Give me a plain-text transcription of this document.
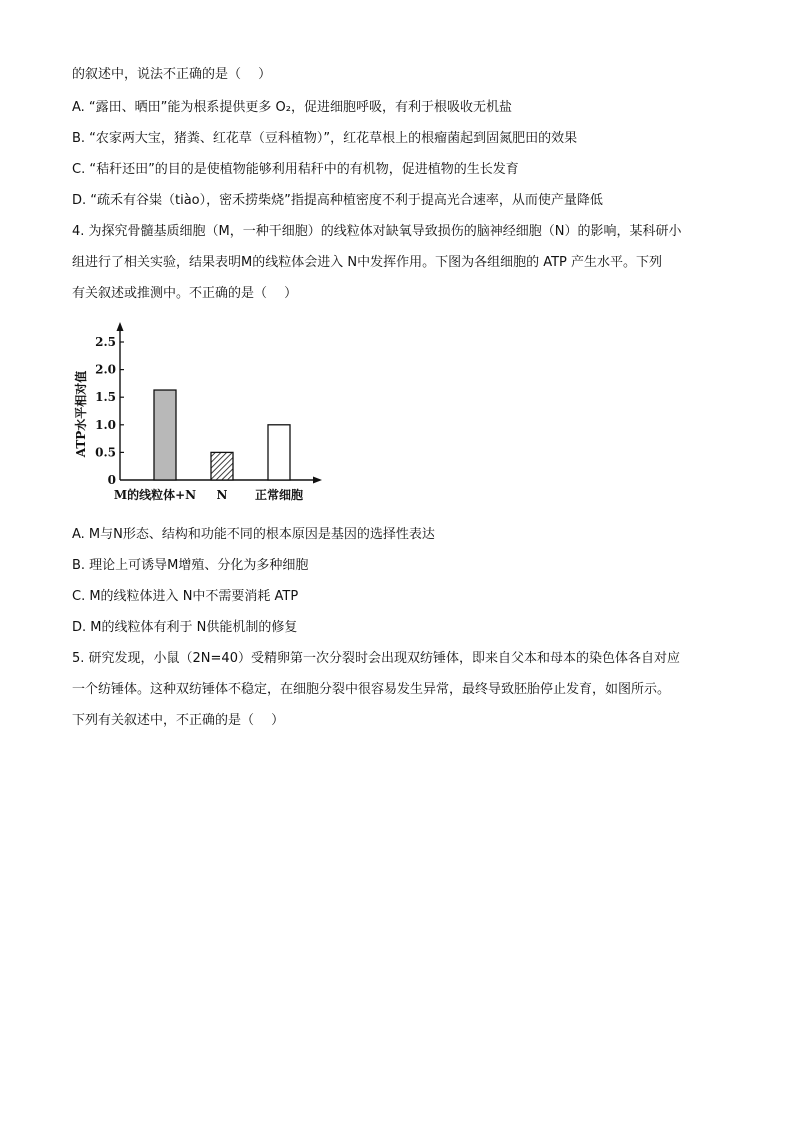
的叙述中，说法不正确的是（　 ）
A. “露田、晒田”能为根系提供更多 O₂，促进细胞呼吸，有利于根吸收无机盐
B. “农家两大宝，猪粪、红花草（豆科植物）”，红花草根上的根瘤菌起到固氮肥田的效果
C. “秸秆还田”的目的是使植物能够利用秸秆中的有机物，促进植物的生长发育
D. “疏禾有谷粜（tiào），密禾捞柴烧”指提高种植密度不利于提高光合速率，从而使产量降低
4. 为探究骨髓基质细胞（M，一种干细胞）的线粒体对缺氧导致损伤的脑神经细胞（N）的影响，某科研小
组进行了相关实验，结果表明M的线粒体会进入 N中发挥作用。下图为各组细胞的 ATP 产生水平。下列
有关叙述或推测中。不正确的是（　 ）
0
0.5
1.0
1.5
2.0
2.5
M的线粒体+N N 正常细胞
ATP水平相对值
A. M与N形态、结构和功能不同的根本原因是基因的选择性表达
B. 理论上可诱导M增殖、分化为多种细胞
C. M的线粒体进入 N中不需要消耗 ATP
D. M的线粒体有利于 N供能机制的修复
5. 研究发现，小鼠（2N=40）受精卵第一次分裂时会出现双纺锤体，即来自父本和母本的染色体各自对应
一个纺锤体。这种双纺锤体不稳定，在细胞分裂中很容易发生异常，最终导致胚胎停止发育，如图所示。
下列有关叙述中，不正确的是（　 ）
